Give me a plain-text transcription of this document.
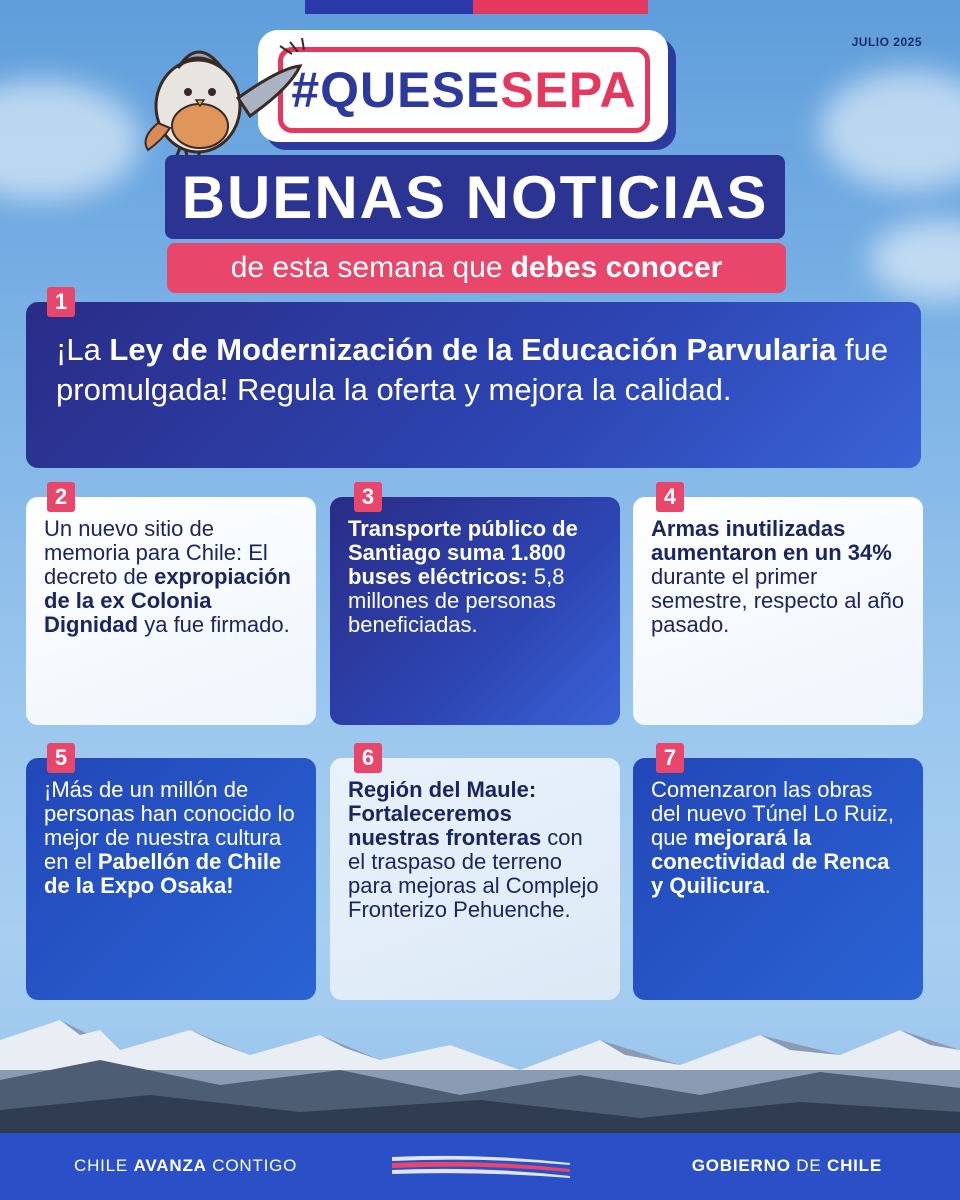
JULIO 2025
#QUESESEPA
BUENAS NOTICIAS
de esta semana que debes conocer
1
2	3	4
5	6	7
¡La Ley de Modernización de la Educación Parvularia fue promulgada! Regula la oferta y mejora la calidad.
Un nuevo sitio de memoria para Chile: El decreto de expropiación de la ex Colonia Dignidad ya fue firmado.
Transporte público de Santiago suma 1.800 buses eléctricos: 5,8 millones de personas beneficiadas.
Armas inutilizadas aumentaron en un 34% durante el primer semestre, respecto al año pasado.
¡Más de un millón de personas han conocido lo mejor de nuestra cultura en el Pabellón de Chile de la Expo Osaka!
Región del Maule: Fortaleceremos nuestras fronteras con el traspaso de terreno para mejoras al Complejo Fronterizo Pehuenche.
Comenzaron las obras del nuevo Túnel Lo Ruiz, que mejorará la conectividad de Renca y Quilicura.
CHILE AVANZA CONTIGO	GOBIERNO DE CHILE
